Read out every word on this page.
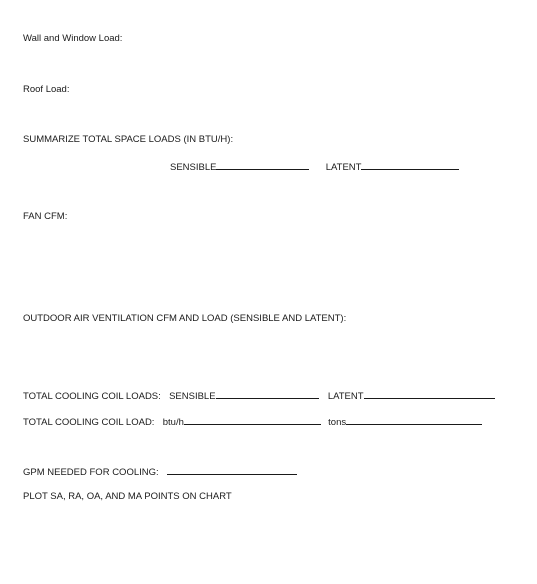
Wall and Window Load:
Roof Load:
SUMMARIZE TOTAL SPACE LOADS (IN BTU/H):
SENSIBLE	LATENT
FAN CFM:
OUTDOOR AIR VENTILATION CFM AND LOAD (SENSIBLE AND LATENT):
TOTAL COOLING COIL LOADS: SENSIBLE	LATENT
TOTAL COOLING COIL LOAD: btu/h	tons
GPM NEEDED FOR COOLING:
PLOT SA, RA, OA, AND MA POINTS ON CHART
